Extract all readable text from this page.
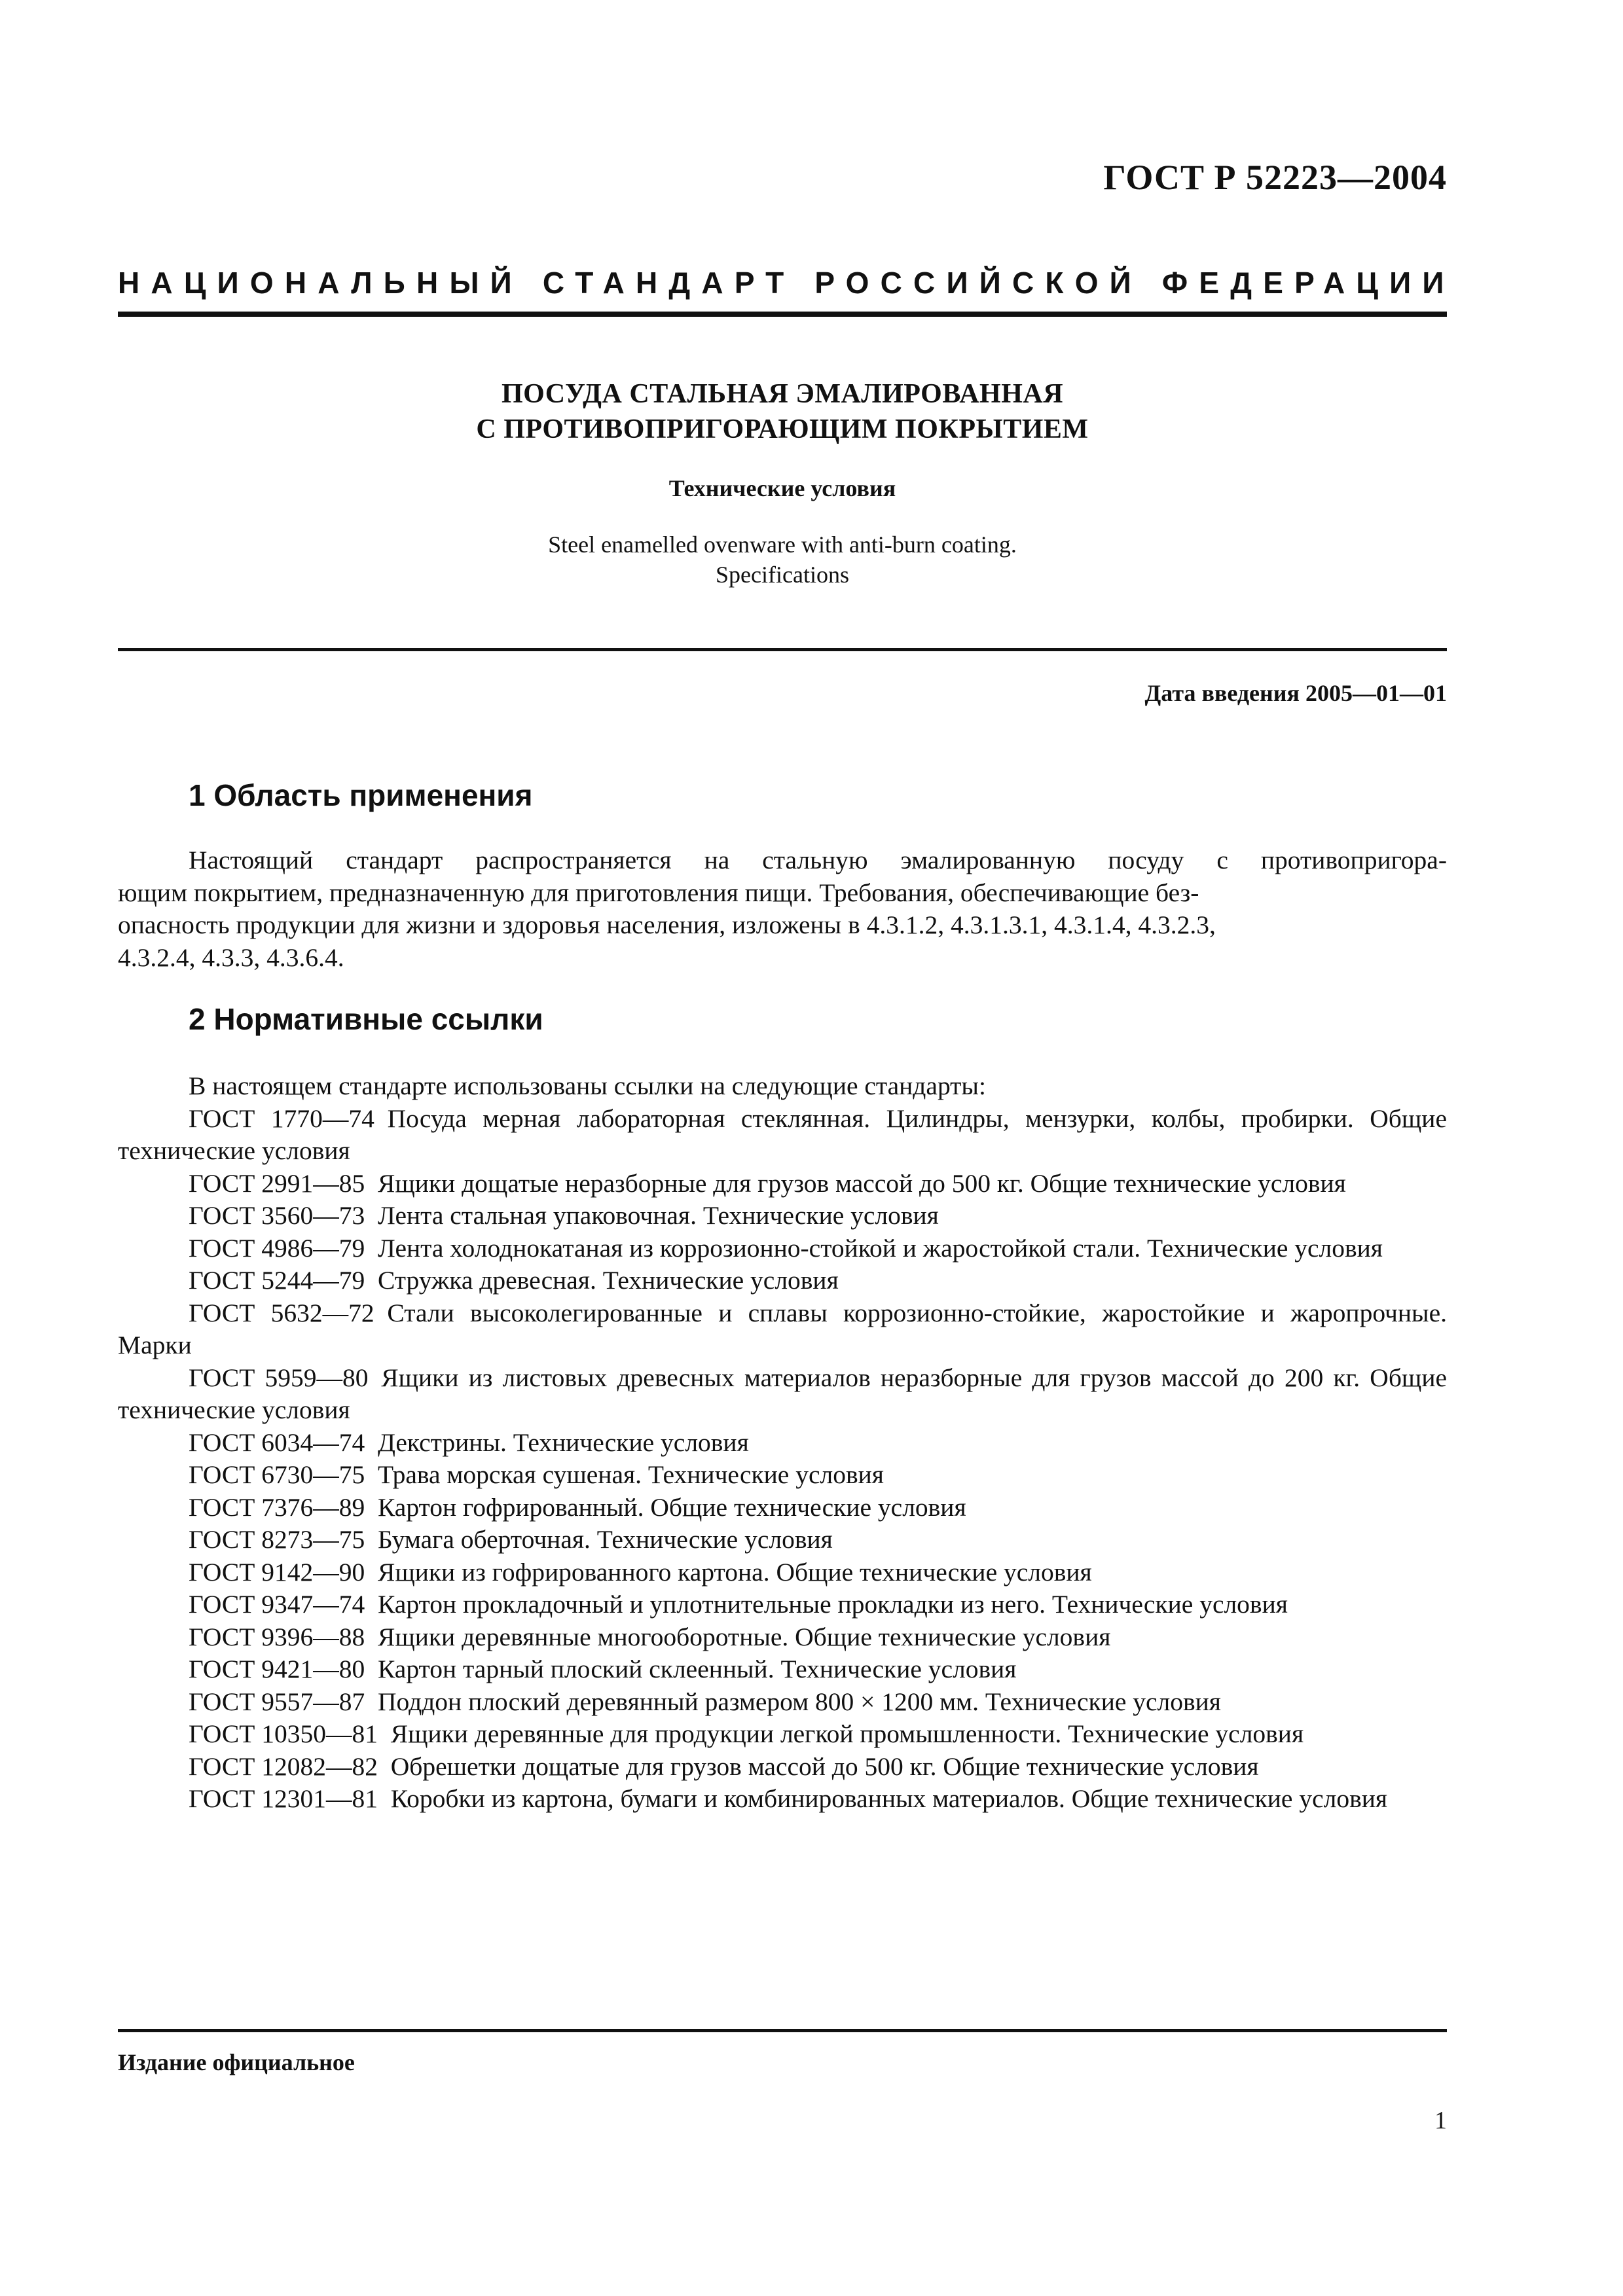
ГОСТ Р 52223—2004
НАЦИОНАЛЬНЫЙ СТАНДАРТ РОССИЙСКОЙ ФЕДЕРАЦИИ
ПОСУДА СТАЛЬНАЯ ЭМАЛИРОВАННАЯ
С ПРОТИВОПРИГОРАЮЩИМ ПОКРЫТИЕМ
Технические условия
Steel enamelled ovenware with anti-burn coating.
Specifications
Дата введения 2005—01—01
1 Область применения
Настоящий стандарт распространяется на стальную эмалированную посуду с противопригора-
ющим покрытием, предназначенную для приготовления пищи. Требования, обеспечивающие без-
опасность продукции для жизни и здоровья населения, изложены в 4.3.1.2, 4.3.1.3.1, 4.3.1.4, 4.3.2.3,
4.3.2.4, 4.3.3, 4.3.6.4.
2 Нормативные ссылки
В настоящем стандарте использованы ссылки на следующие стандарты:
ГОСТ 1770—74  Посуда мерная лабораторная стеклянная. Цилиндры, мензурки, колбы, пробирки. Общие технические условия
ГОСТ 2991—85  Ящики дощатые неразборные для грузов массой до 500 кг. Общие технические условия
ГОСТ 3560—73  Лента стальная упаковочная. Технические условия
ГОСТ 4986—79  Лента холоднокатаная из коррозионно-стойкой и жаростойкой стали. Технические условия
ГОСТ 5244—79  Стружка древесная. Технические условия
ГОСТ 5632—72  Стали высоколегированные и сплавы коррозионно-стойкие, жаростойкие и жаропрочные. Марки
ГОСТ 5959—80  Ящики из листовых древесных материалов неразборные для грузов массой до 200 кг. Общие технические условия
ГОСТ 6034—74  Декстрины. Технические условия
ГОСТ 6730—75  Трава морская сушеная. Технические условия
ГОСТ 7376—89  Картон гофрированный. Общие технические условия
ГОСТ 8273—75  Бумага оберточная. Технические условия
ГОСТ 9142—90  Ящики из гофрированного картона. Общие технические условия
ГОСТ 9347—74  Картон прокладочный и уплотнительные прокладки из него. Технические условия
ГОСТ 9396—88  Ящики деревянные многооборотные. Общие технические условия
ГОСТ 9421—80  Картон тарный плоский склеенный. Технические условия
ГОСТ 9557—87  Поддон плоский деревянный размером 800 × 1200 мм. Технические условия
ГОСТ 10350—81  Ящики деревянные для продукции легкой промышленности. Технические условия
ГОСТ 12082—82  Обрешетки дощатые для грузов массой до 500 кг. Общие технические условия
ГОСТ 12301—81  Коробки из картона, бумаги и комбинированных материалов. Общие технические условия
Издание официальное
1
